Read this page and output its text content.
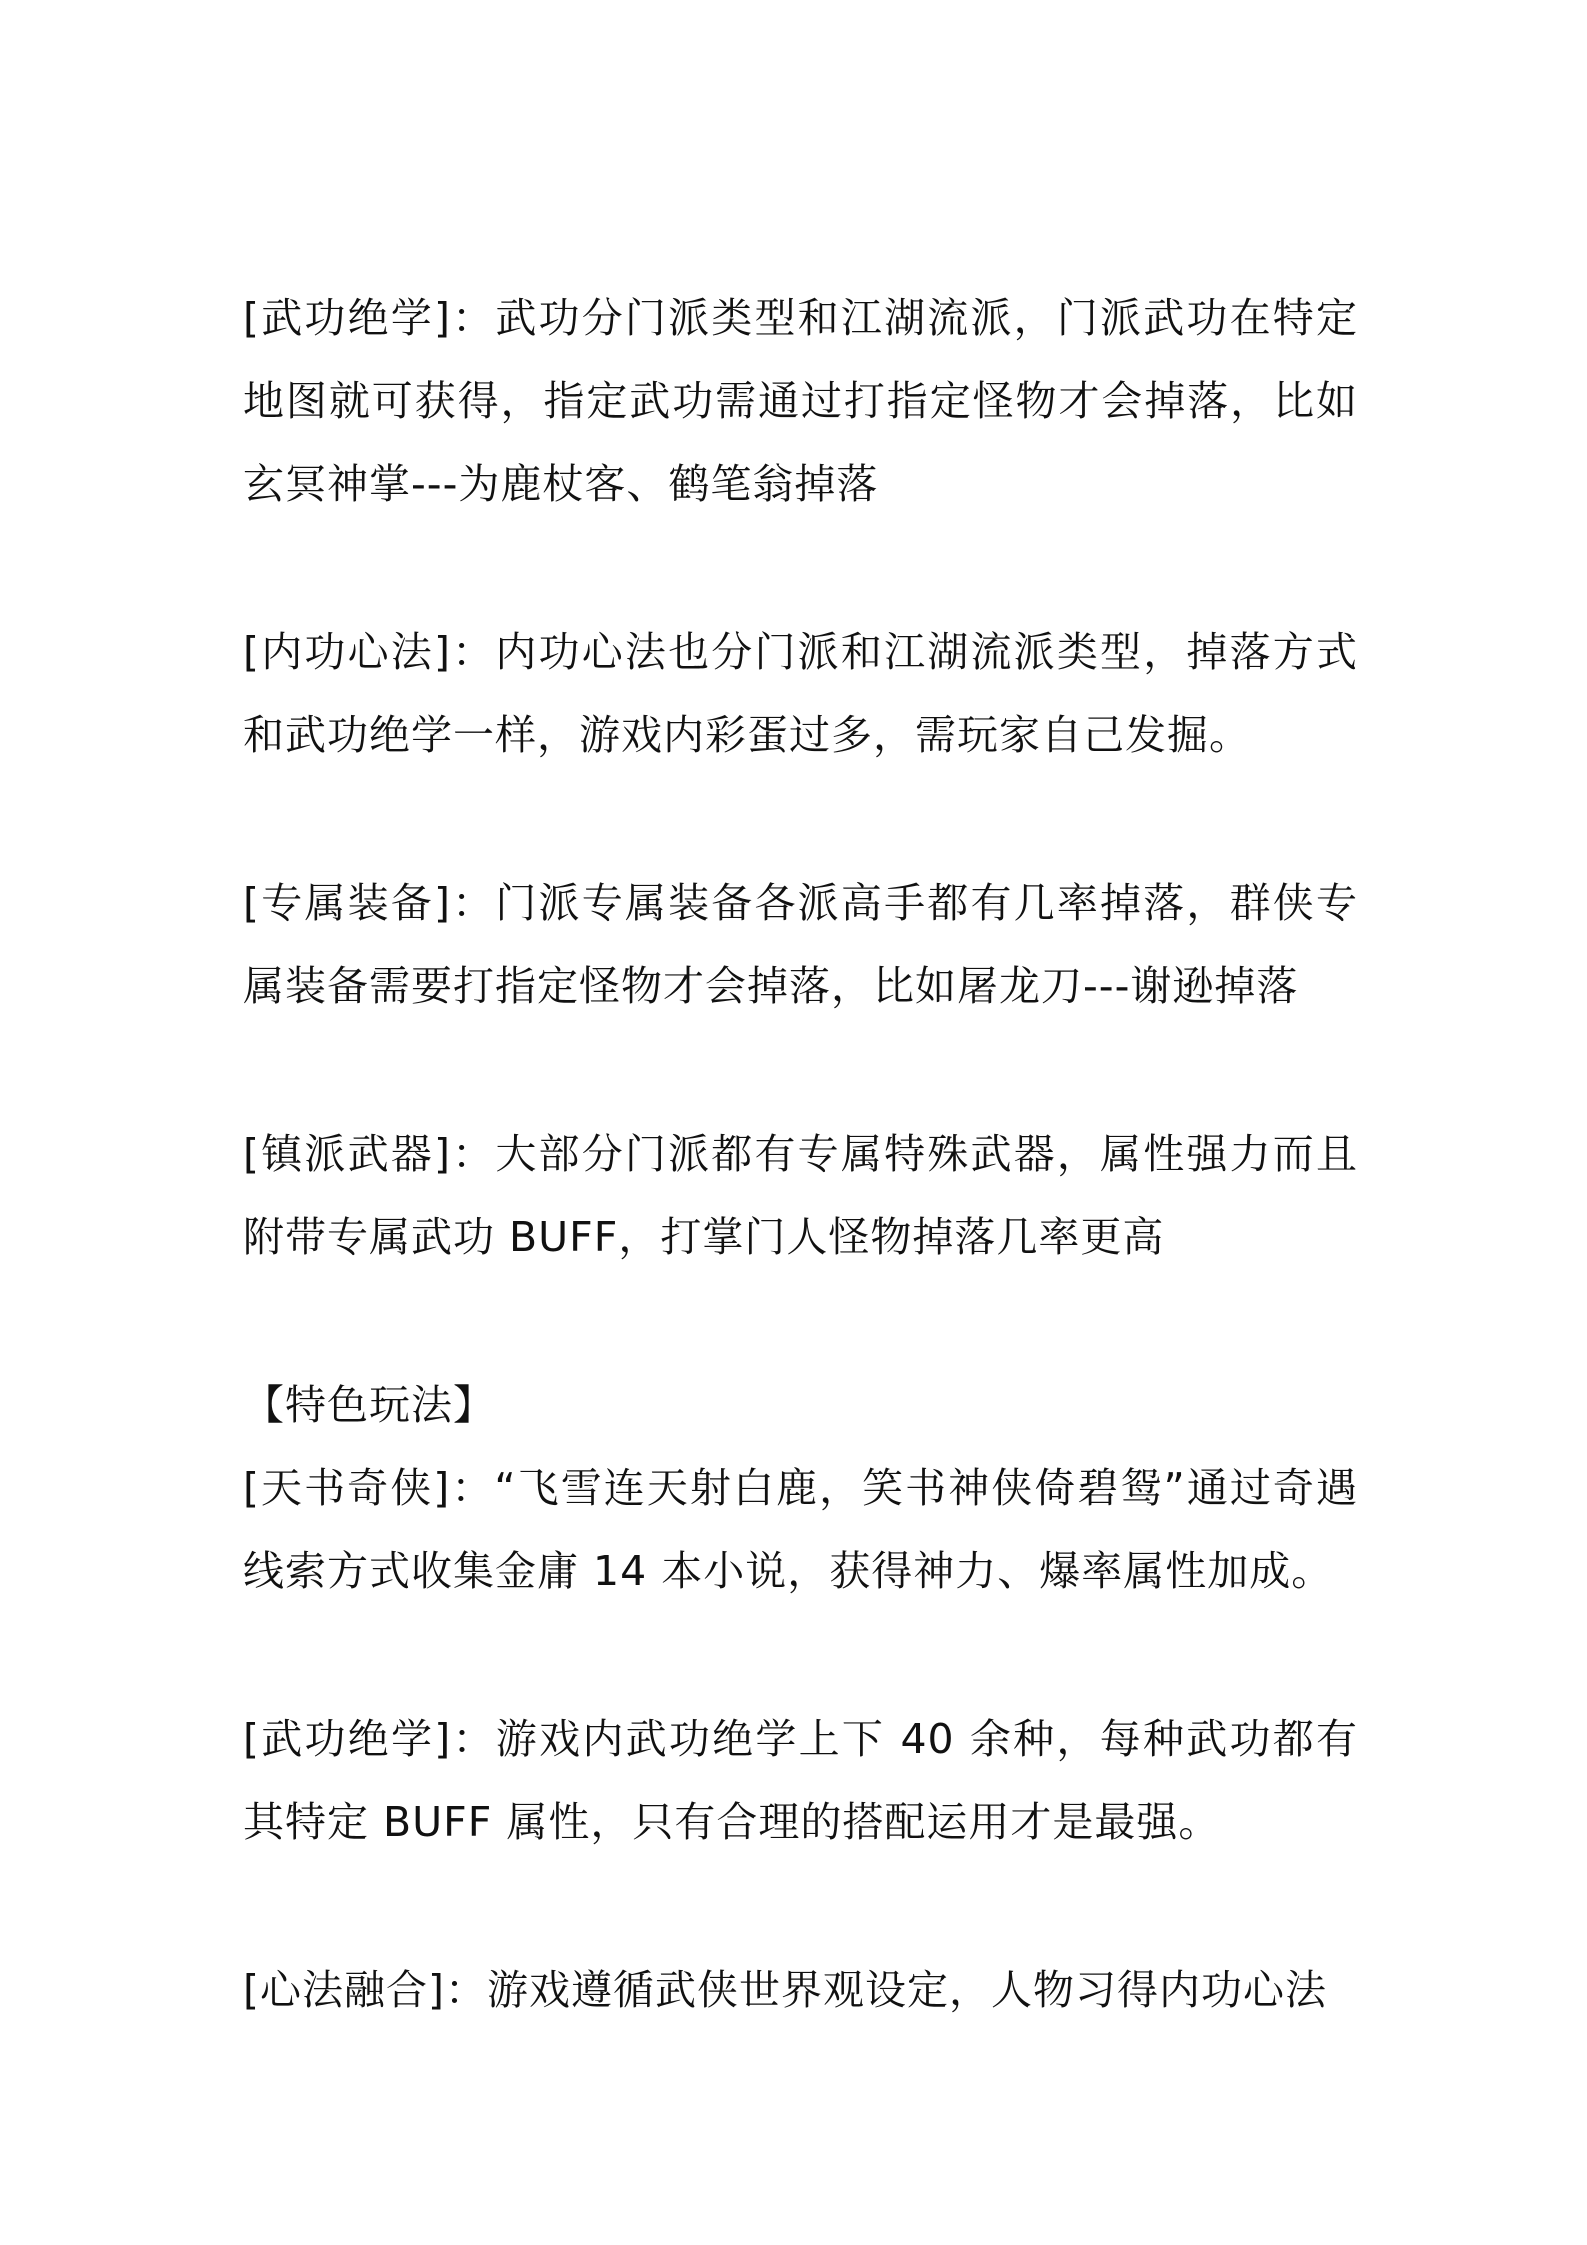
[武功绝学]：武功分门派类型和江湖流派，门派武功在特定地图就可获得，指定武功需通过打指定怪物才会掉落，比如玄冥神掌---为鹿杖客、鹤笔翁掉落

[内功心法]：内功心法也分门派和江湖流派类型，掉落方式和武功绝学一样，游戏内彩蛋过多，需玩家自己发掘。

[专属装备]：门派专属装备各派高手都有几率掉落，群侠专属装备需要打指定怪物才会掉落，比如屠龙刀---谢逊掉落

[镇派武器]：大部分门派都有专属特殊武器，属性强力而且附带专属武功 BUFF，打掌门人怪物掉落几率更高

【特色玩法】

[天书奇侠]：“飞雪连天射白鹿，笑书神侠倚碧鸳”通过奇遇线索方式收集金庸 14 本小说，获得神力、爆率属性加成。

[武功绝学]：游戏内武功绝学上下 40 余种，每种武功都有其特定 BUFF 属性，只有合理的搭配运用才是最强。

[心法融合]：游戏遵循武侠世界观设定，人物习得内功心法
